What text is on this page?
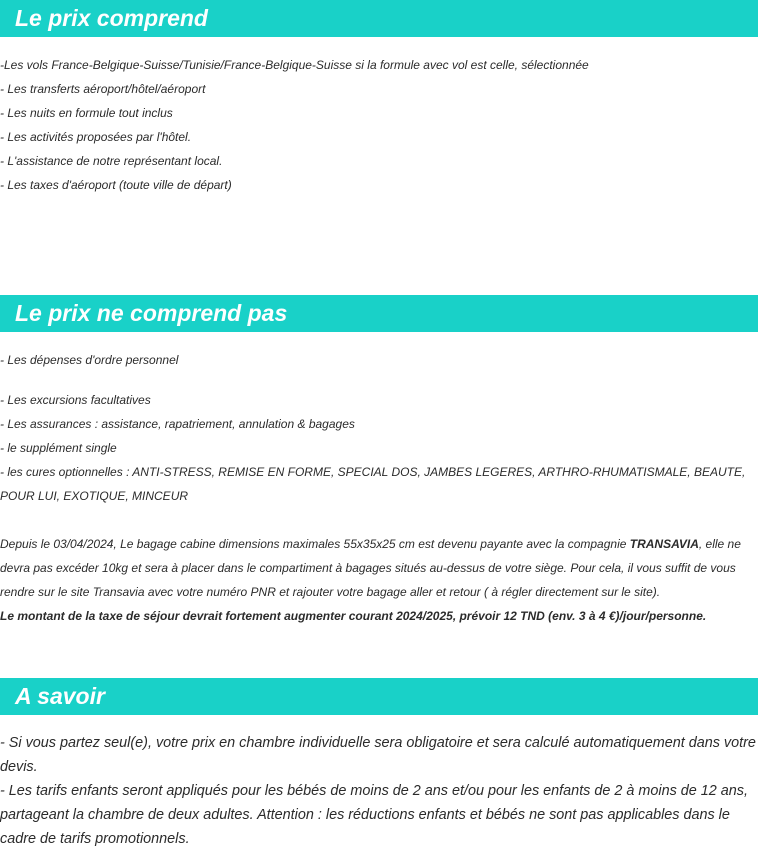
Le prix comprend

-Les vols France-Belgique-Suisse/Tunisie/France-Belgique-Suisse si la formule avec vol est celle, sélectionnée

- Les transferts aéroport/hôtel/aéroport

- Les nuits en formule tout inclus

- Les activités proposées par l'hôtel.

- L'assistance de notre représentant local.

- Les taxes d'aéroport (toute ville de départ)

Le prix ne comprend pas

- Les dépenses d'ordre personnel

- Les excursions facultatives

- Les assurances : assistance, rapatriement, annulation & bagages

- le supplément single

- les cures optionnelles : ANTI-STRESS, REMISE EN FORME, SPECIAL DOS, JAMBES LEGERES, ARTHRO-RHUMATISMALE, BEAUTE, POUR LUI, EXOTIQUE, MINCEUR

Depuis le 03/04/2024, Le bagage cabine dimensions maximales 55x35x25 cm est devenu payante avec la compagnie TRANSAVIA, elle ne devra pas excéder 10kg et sera à placer dans le compartiment à bagages situés au-dessus de votre siège. Pour cela, il vous suffit de vous rendre sur le site Transavia avec votre numéro PNR et rajouter votre bagage aller et retour ( à régler directement sur le site).

Le montant de la taxe de séjour devrait fortement augmenter courant 2024/2025, prévoir 12 TND (env. 3 à 4 €)/jour/personne.

A savoir

- Si vous partez seul(e), votre prix en chambre individuelle sera obligatoire et sera calculé automatiquement dans votre devis.

- Les tarifs enfants seront appliqués pour les bébés de moins de 2 ans et/ou pour les enfants de 2 à moins de 12 ans, partageant la chambre de deux adultes. Attention : les réductions enfants et bébés ne sont pas applicables dans le cadre de tarifs promotionnels.
